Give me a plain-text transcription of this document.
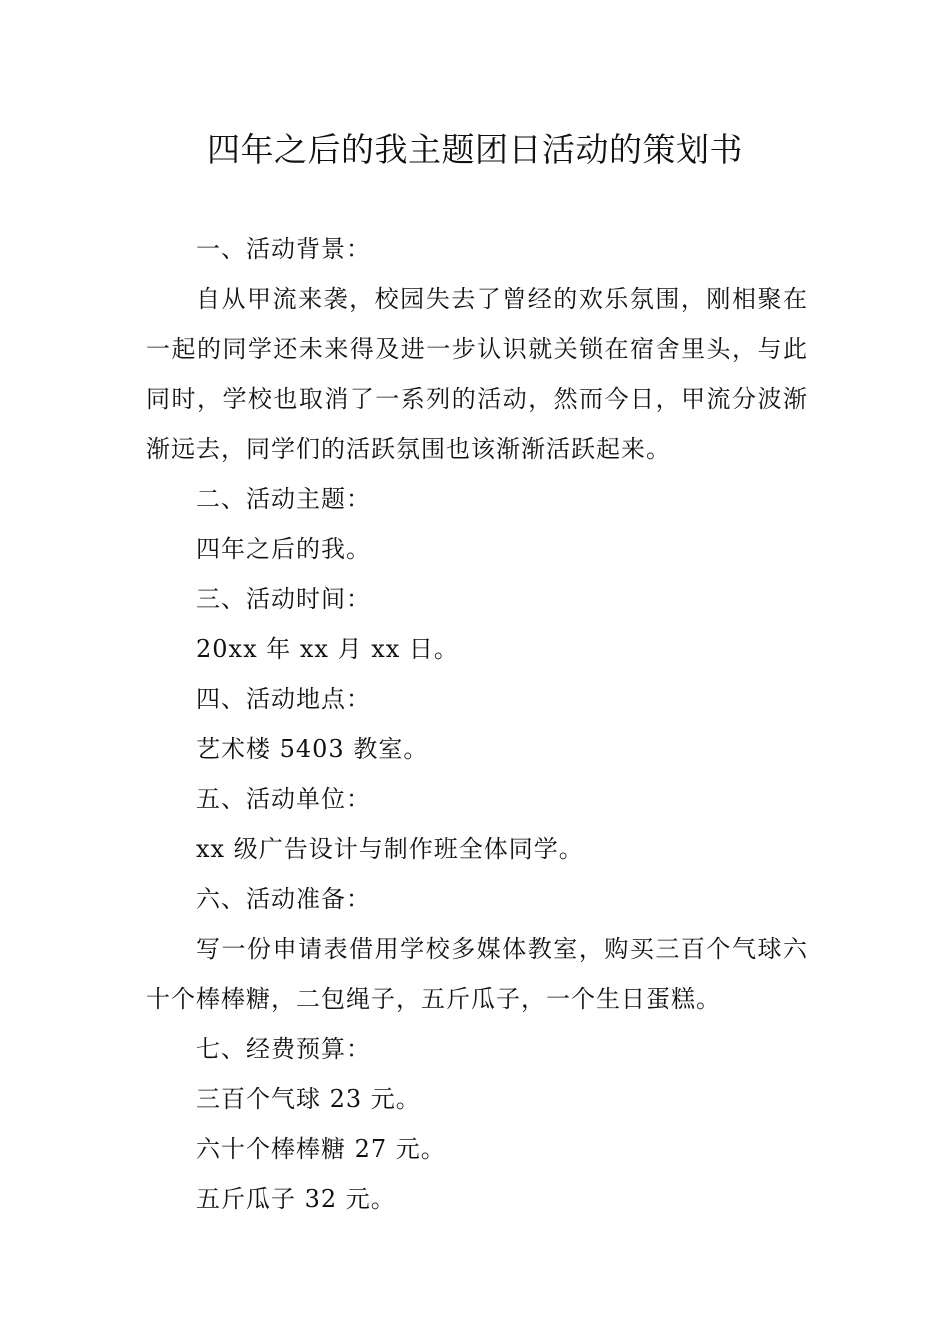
四年之后的我主题团日活动的策划书

一、活动背景：

自从甲流来袭，校园失去了曾经的欢乐氛围，刚相聚在一起的同学还未来得及进一步认识就关锁在宿舍里头，与此同时，学校也取消了一系列的活动，然而今日，甲流分波渐渐远去，同学们的活跃氛围也该渐渐活跃起来。

二、活动主题：

四年之后的我。

三、活动时间：

20xx 年 xx 月 xx 日。

四、活动地点：

艺术楼 5403 教室。

五、活动单位：

xx 级广告设计与制作班全体同学。

六、活动准备：

写一份申请表借用学校多媒体教室，购买三百个气球六十个棒棒糖，二包绳子，五斤瓜子，一个生日蛋糕。

七、经费预算：

三百个气球 23 元。

六十个棒棒糖 27 元。

五斤瓜子 32 元。
